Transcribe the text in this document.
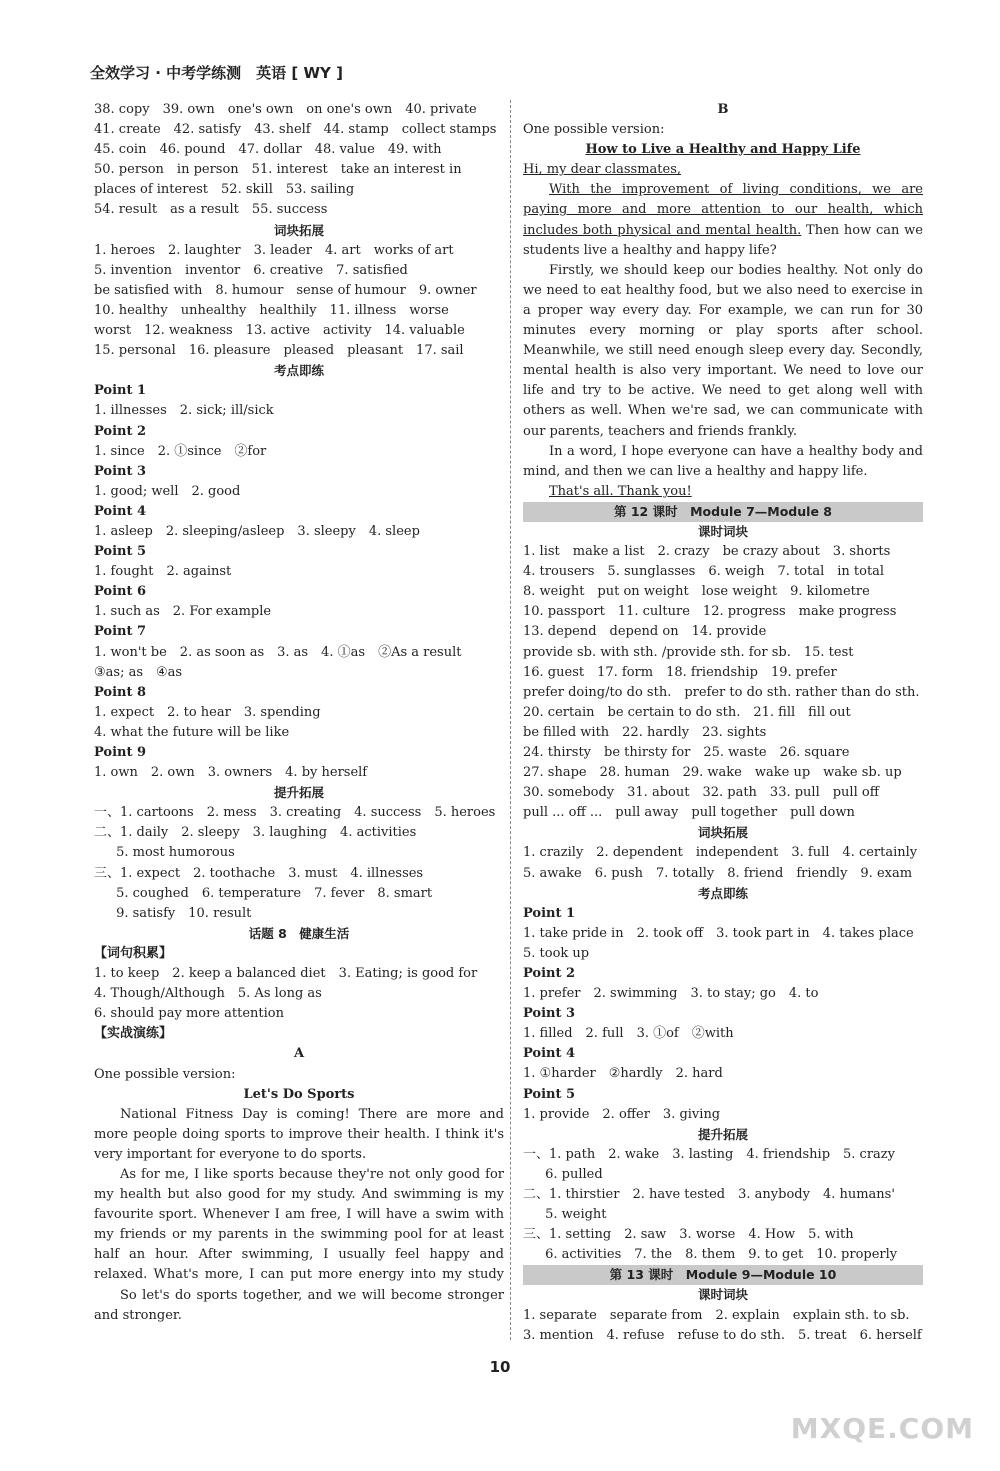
全效学习 · 中考学练测　英语 [ WY ]
38. copy　39. own　one's own　on one's own　40. private
41. create　42. satisfy　43. shelf　44. stamp　collect stamps
45. coin　46. pound　47. dollar　48. value　49. with
50. person　in person　51. interest　take an interest in
places of interest　52. skill　53. sailing
54. result　as a result　55. success
词块拓展
1. heroes　2. laughter　3. leader　4. art　works of art
5. invention　inventor　6. creative　7. satisfied
be satisfied with　8. humour　sense of humour　9. owner
10. healthy　unhealthy　healthily　11. illness　worse
worst　12. weakness　13. active　activity　14. valuable
15. personal　16. pleasure　pleased　pleasant　17. sail
考点即练
Point 1
1. illnesses　2. sick; ill/sick
Point 2
1. since　2. ①since　②for
Point 3
1. good; well　2. good
Point 4
1. asleep　2. sleeping/asleep　3. sleepy　4. sleep
Point 5
1. fought　2. against
Point 6
1. such as　2. For example
Point 7
1. won't be　2. as soon as　3. as　4. ①as　②As a result
③as; as　④as
Point 8
1. expect　2. to hear　3. spending
4. what the future will be like
Point 9
1. own　2. own　3. owners　4. by herself
提升拓展
一、1. cartoons　2. mess　3. creating　4. success　5. heroes
二、1. daily　2. sleepy　3. laughing　4. activities
5. most humorous
三、1. expect　2. toothache　3. must　4. illnesses
5. coughed　6. temperature　7. fever　8. smart
9. satisfy　10. result
话题 8　健康生活
【词句积累】
1. to keep　2. keep a balanced diet　3. Eating; is good for
4. Though/Although　5. As long as
6. should pay more attention
【实战演练】
A
One possible version:
Let's Do Sports
National Fitness Day is coming! There are more and more people doing sports to improve their health. I think it's very important for everyone to do sports.
As for me, I like sports because they're not only good for my health but also good for my study. And swimming is my favourite sport. Whenever I am free, I will have a swim with my friends or my parents in the swimming pool for at least half an hour. After swimming, I usually feel happy and relaxed. What's more, I can put more energy into my study
So let's do sports together, and we will become stronger and stronger.
B
One possible version:
How to Live a Healthy and Happy Life
Hi, my dear classmates,
With the improvement of living conditions, we are paying more and more attention to our health, which includes both physical and mental health. Then how can we students live a healthy and happy life?
Firstly, we should keep our bodies healthy. Not only do we need to eat healthy food, but we also need to exercise in a proper way every day. For example, we can run for 30 minutes every morning or play sports after school. Meanwhile, we still need enough sleep every day. Secondly, mental health is also very important. We need to love our life and try to be active. We need to get along well with others as well. When we're sad, we can communicate with our parents, teachers and friends frankly.
In a word, I hope everyone can have a healthy body and mind, and then we can live a healthy and happy life.
That's all. Thank you!
第 12 课时　Module 7—Module 8
课时词块
1. list　make a list　2. crazy　be crazy about　3. shorts
4. trousers　5. sunglasses　6. weigh　7. total　in total
8. weight　put on weight　lose weight　9. kilometre
10. passport　11. culture　12. progress　make progress
13. depend　depend on　14. provide
provide sb. with sth. /provide sth. for sb.　15. test
16. guest　17. form　18. friendship　19. prefer
prefer doing/to do sth.　prefer to do sth. rather than do sth.
20. certain　be certain to do sth.　21. fill　fill out
be filled with　22. hardly　23. sights
24. thirsty　be thirsty for　25. waste　26. square
27. shape　28. human　29. wake　wake up　wake sb. up
30. somebody　31. about　32. path　33. pull　pull off
pull ... off ...　pull away　pull together　pull down
词块拓展
1. crazily　2. dependent　independent　3. full　4. certainly
5. awake　6. push　7. totally　8. friend　friendly　9. exam
考点即练
Point 1
1. take pride in　2. took off　3. took part in　4. takes place
5. took up
Point 2
1. prefer　2. swimming　3. to stay; go　4. to
Point 3
1. filled　2. full　3. ①of　②with
Point 4
1. ①harder　②hardly　2. hard
Point 5
1. provide　2. offer　3. giving
提升拓展
一、1. path　2. wake　3. lasting　4. friendship　5. crazy
6. pulled
二、1. thirstier　2. have tested　3. anybody　4. humans'
5. weight
三、1. setting　2. saw　3. worse　4. How　5. with
6. activities　7. the　8. them　9. to get　10. properly
第 13 课时　Module 9—Module 10
课时词块
1. separate　separate from　2. explain　explain sth. to sb.
3. mention　4. refuse　refuse to do sth.　5. treat　6. herself
10
MXQE.COM
